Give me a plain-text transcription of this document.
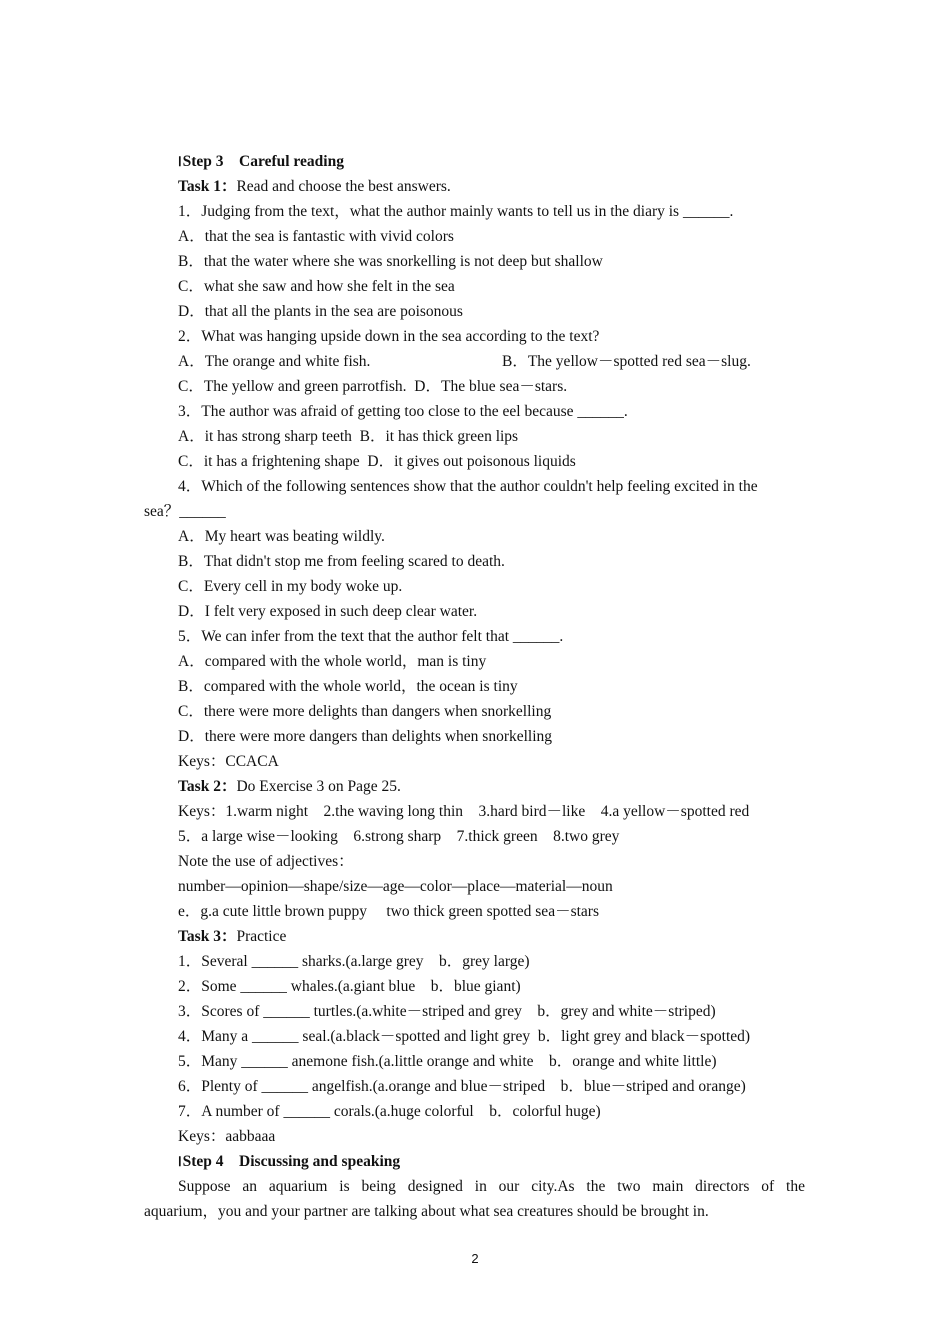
ߊStep 3　Careful reading
Task 1：Read and choose the best answers.
1．Judging from the text，what the author mainly wants to tell us in the diary is ______.
A．that the sea is fantastic with vivid colors
B．that the water where she was snorkelling is not deep but shallow
C．what she saw and how she felt in the sea
D．that all the plants in the sea are poisonous
2．What was hanging upside down in the sea according to the text?
A．The orange and white fish.	B．The yellow－spotted red sea－slug.
C．The yellow and green parrotfish.  D．The blue sea－stars.
3．The author was afraid of getting too close to the eel because ______.
A．it has strong sharp teeth  B．it has thick green lips
C．it has a frightening shape  D．it gives out poisonous liquids
4．Which of the following sentences show that the author couldn't help feeling excited in the
sea？______
A．My heart was beating wildly.
B．That didn't stop me from feeling scared to death.
C．Every cell in my body woke up.
D．I felt very exposed in such deep clear water.
5．We can infer from the text that the author felt that ______.
A．compared with the whole world，man is tiny
B．compared with the whole world，the ocean is tiny
C．there were more delights than dangers when snorkelling
D．there were more dangers than delights when snorkelling
Keys：CCACA
Task 2：Do Exercise 3 on Page 25.
Keys：1.warm night　2.the waving long thin　3.hard bird－like　4.a yellow－spotted red
5．a large wise－looking　6.strong sharp　7.thick green　8.two grey
Note the use of adjectives：
number—opinion—shape/size—age—color—place—material—noun
e．g.a cute little brown puppy　 two thick green spotted sea－stars
Task 3：Practice
1．Several ______ sharks.(a.large grey　b．grey large)
2．Some ______ whales.(a.giant blue　b．blue giant)
3．Scores of ______ turtles.(a.white－striped and grey　b．grey and white－striped)
4．Many a ______ seal.(a.black－spotted and light grey  b．light grey and black－spotted)
5．Many ______ anemone fish.(a.little orange and white　b．orange and white little)
6．Plenty of ______ angelfish.(a.orange and blue－striped　b．blue－striped and orange)
7．A number of ______ corals.(a.huge colorful　b．colorful huge)
Keys：aabbaaa
ߊStep 4　Discussing and speaking
Suppose an aquarium is being designed in our city.As the two main directors of the
aquarium，you and your partner are talking about what sea creatures should be brought in.
2
